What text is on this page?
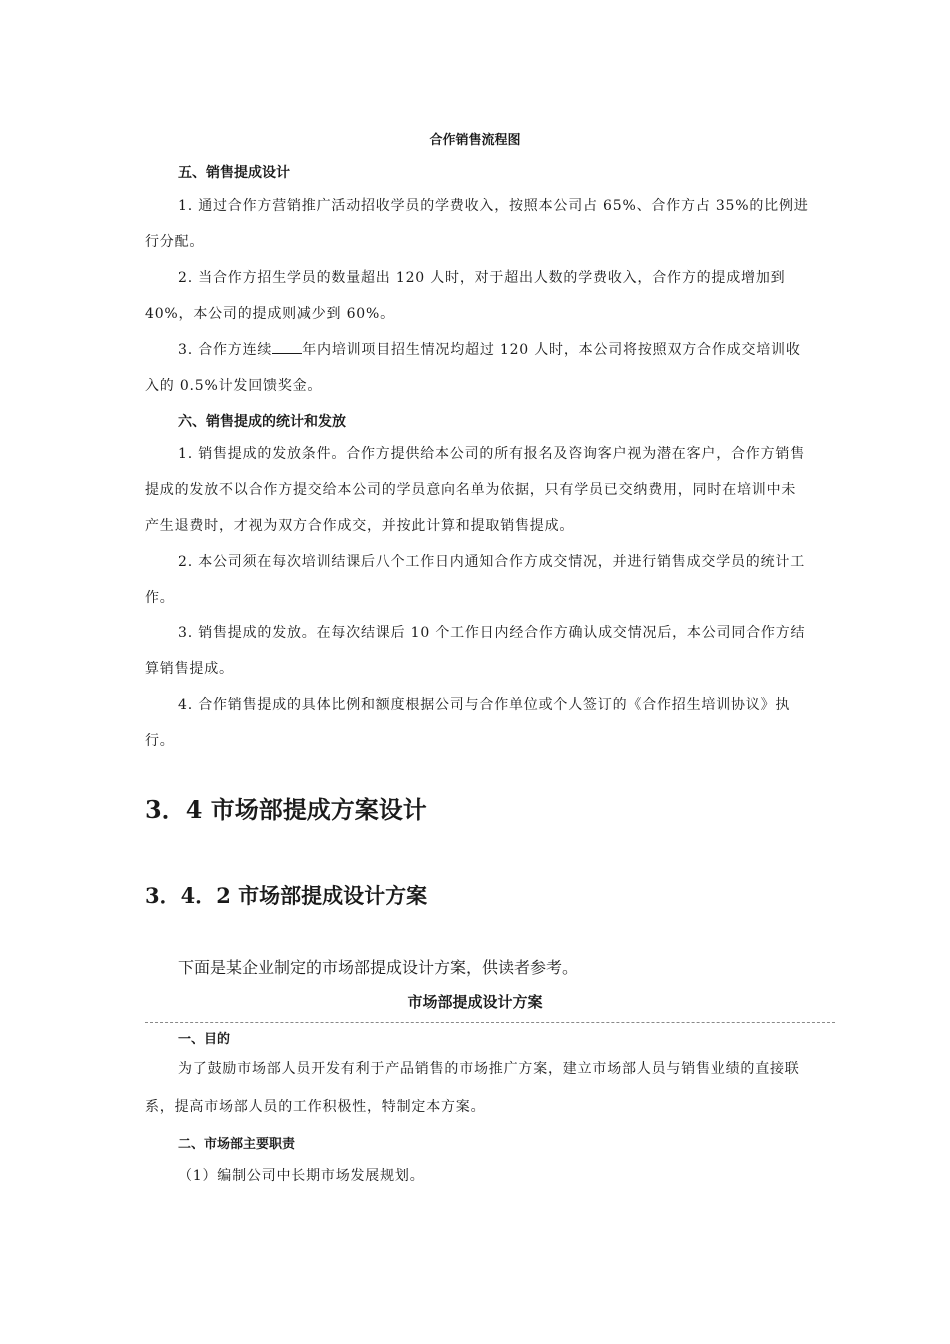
合作销售流程图
五、销售提成设计
1. 通过合作方营销推广活动招收学员的学费收入，按照本公司占 65%、合作方占 35%的比例进行分配。
2. 当合作方招生学员的数量超出 120 人时，对于超出人数的学费收入，合作方的提成增加到 40%，本公司的提成则减少到 60%。
3. 合作方连续 年内培训项目招生情况均超过 120 人时，本公司将按照双方合作成交培训收入的 0.5%计发回馈奖金。
六、销售提成的统计和发放
1. 销售提成的发放条件。合作方提供给本公司的所有报名及咨询客户视为潜在客户，合作方销售提成的发放不以合作方提交给本公司的学员意向名单为依据，只有学员已交纳费用，同时在培训中未产生退费时，才视为双方合作成交，并按此计算和提取销售提成。
2. 本公司须在每次培训结课后八个工作日内通知合作方成交情况，并进行销售成交学员的统计工作。
3. 销售提成的发放。在每次结课后 10 个工作日内经合作方确认成交情况后，本公司同合作方结算销售提成。
4. 合作销售提成的具体比例和额度根据公司与合作单位或个人签订的《合作招生培训协议》执行。
3．4 市场部提成方案设计
3．4．2 市场部提成设计方案
下面是某企业制定的市场部提成设计方案，供读者参考。
市场部提成设计方案
一、目的
为了鼓励市场部人员开发有利于产品销售的市场推广方案，建立市场部人员与销售业绩的直接联系，提高市场部人员的工作积极性，特制定本方案。
二、市场部主要职责
（1）编制公司中长期市场发展规划。
